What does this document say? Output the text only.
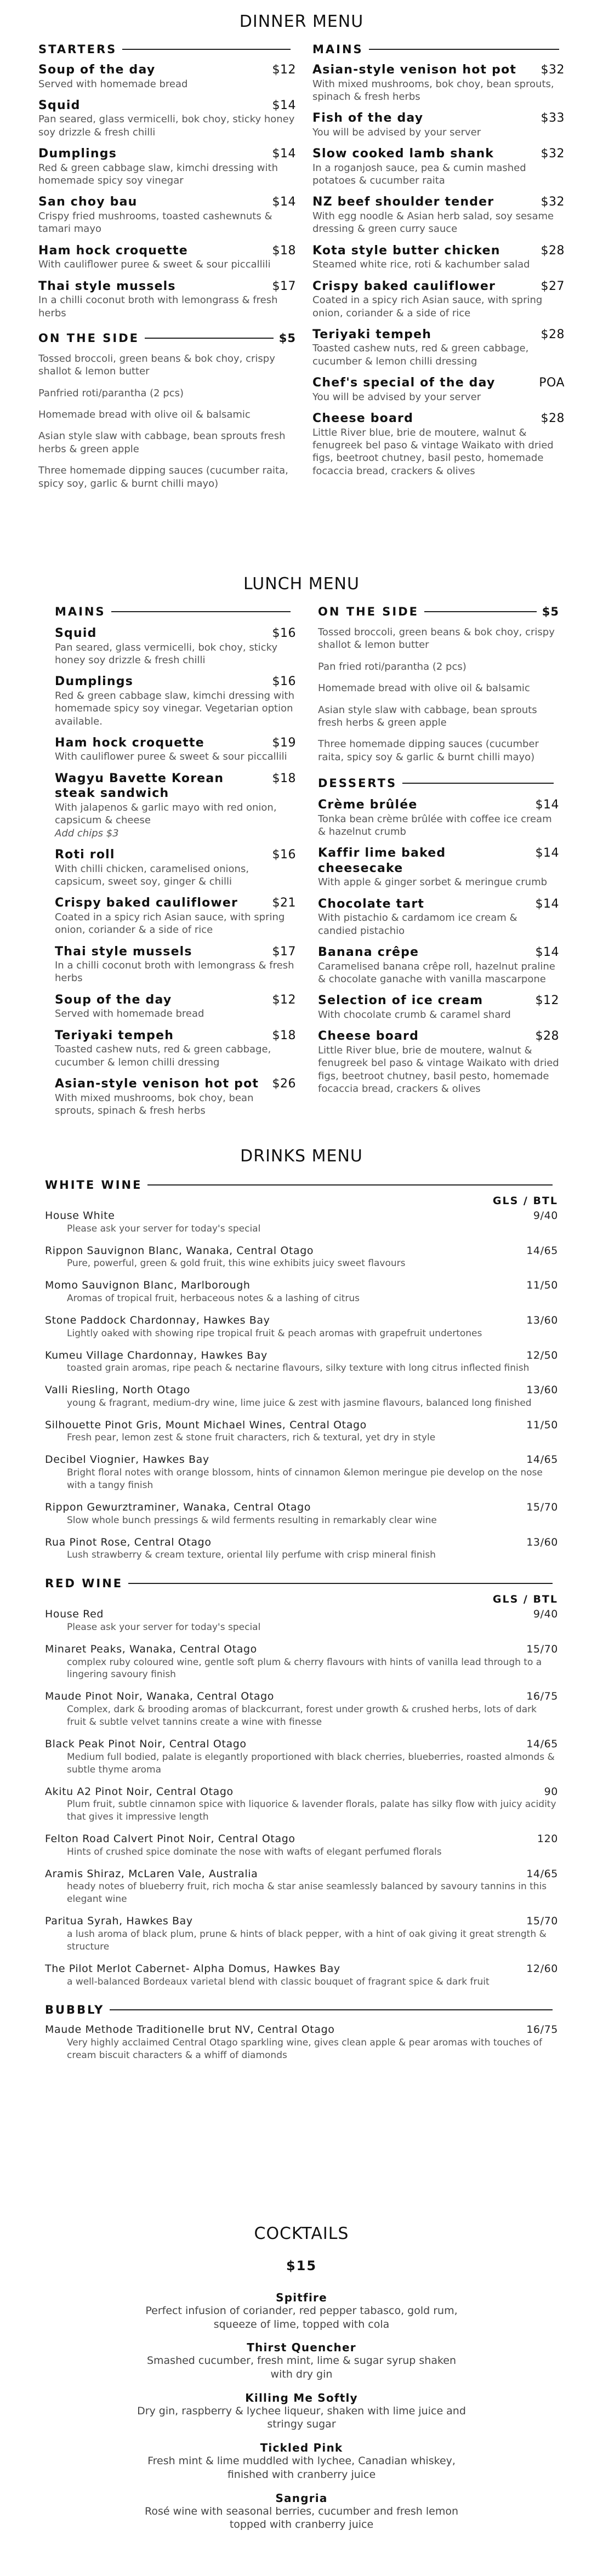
DINNER MENU
STARTERS
Soup of the day	$12
Served with homemade bread
Squid	$14
Pan seared, glass vermicelli, bok choy, sticky honey soy drizzle & fresh chilli
Dumplings	$14
Red & green cabbage slaw, kimchi dressing with homemade spicy soy vinegar
San choy bau	$14
Crispy fried mushrooms, toasted cashewnuts & tamari mayo
Ham hock croquette	$18
With cauliflower puree & sweet & sour piccallili
Thai style mussels	$17
In a chilli coconut broth with lemongrass & fresh herbs
ON THE SIDE	$5
Tossed broccoli, green beans & bok choy, crispy shallot & lemon butter
Panfried roti/parantha (2 pcs)
Homemade bread with olive oil & balsamic
Asian style slaw with cabbage, bean sprouts fresh herbs & green apple
Three homemade dipping sauces (cucumber raita, spicy soy, garlic & burnt chilli mayo)
MAINS
Asian-style venison hot pot	$32
With mixed mushrooms, bok choy, bean sprouts, spinach & fresh herbs
Fish of the day	$33
You will be advised by your server
Slow cooked lamb shank	$32
In a roganjosh sauce, pea & cumin mashed potatoes & cucumber raita
NZ beef shoulder tender	$32
With egg noodle & Asian herb salad, soy sesame dressing & green curry sauce
Kota style butter chicken	$28
Steamed white rice, roti & kachumber salad
Crispy baked cauliflower	$27
Coated in a spicy rich Asian sauce, with spring onion, coriander & a side of rice
Teriyaki tempeh	$28
Toasted cashew nuts, red & green cabbage, cucumber & lemon chilli dressing
Chef's special of the day	POA
You will be advised by your server
Cheese board	$28
Little River blue, brie de moutere, walnut & fenugreek bel paso & vintage Waikato with dried figs, beetroot chutney, basil pesto, homemade focaccia bread, crackers & olives
LUNCH MENU
MAINS
Squid	$16
Pan seared, glass vermicelli, bok choy, sticky honey soy drizzle & fresh chilli
Dumplings	$16
Red & green cabbage slaw, kimchi dressing with homemade spicy soy vinegar. Vegetarian option available.
Ham hock croquette	$19
With cauliflower puree & sweet & sour piccallili
Wagyu Bavette Korean steak sandwich
$18
With jalapenos & garlic mayo with red onion, capsicum & cheese
Add chips $3
Roti roll	$16
With chilli chicken, caramelised onions, capsicum, sweet soy, ginger & chilli
Crispy baked cauliflower	$21
Coated in a spicy rich Asian sauce, with spring onion, coriander & a side of rice
Thai style mussels	$17
In a chilli coconut broth with lemongrass & fresh herbs
Soup of the day	$12
Served with homemade bread
Teriyaki tempeh	$18
Toasted cashew nuts, red & green cabbage, cucumber & lemon chilli dressing
Asian-style venison hot pot	$26
With mixed mushrooms, bok choy, bean sprouts, spinach & fresh herbs
ON THE SIDE	$5
Tossed broccoli, green beans & bok choy, crispy shallot & lemon butter
Pan fried roti/parantha (2 pcs)
Homemade bread with olive oil & balsamic
Asian style slaw with cabbage, bean sprouts fresh herbs & green apple
Three homemade dipping sauces (cucumber raita, spicy soy & garlic & burnt chilli mayo)
DESSERTS
Crème brûlée	$14
Tonka bean crème brûlée with coffee ice cream & hazelnut crumb
Kaffir lime baked cheesecake
$14
With apple & ginger sorbet & meringue crumb
Chocolate tart	$14
With pistachio & cardamom ice cream & candied pistachio
Banana crêpe	$14
Caramelised banana crêpe roll, hazelnut praline & chocolate ganache with vanilla mascarpone
Selection of ice cream	$12
With chocolate crumb & caramel shard
Cheese board	$28
Little River blue, brie de moutere, walnut & fenugreek bel paso & vintage Waikato with dried figs, beetroot chutney, basil pesto, homemade focaccia bread, crackers & olives
DRINKS MENU
WHITE WINE
GLS / BTL
House White	9/40
Please ask your server for today's special
Rippon Sauvignon Blanc, Wanaka, Central Otago	14/65
Pure, powerful, green & gold fruit, this wine exhibits juicy sweet flavours
Momo Sauvignon Blanc, Marlborough	11/50
Aromas of tropical fruit, herbaceous notes & a lashing of citrus
Stone Paddock Chardonnay, Hawkes Bay	13/60
Lightly oaked with showing ripe tropical fruit & peach aromas with grapefruit undertones
Kumeu Village Chardonnay, Hawkes Bay	12/50
toasted grain aromas, ripe peach & nectarine flavours, silky texture with long citrus inflected finish
Valli Riesling, North Otago	13/60
young & fragrant, medium-dry wine, lime juice & zest with jasmine flavours, balanced long finished
Silhouette Pinot Gris, Mount Michael Wines, Central Otago	11/50
Fresh pear, lemon zest & stone fruit characters, rich & textural, yet dry in style
Decibel Viognier, Hawkes Bay	14/65
Bright floral notes with orange blossom, hints of cinnamon &lemon meringue pie develop on the nose with a tangy finish
Rippon Gewurztraminer, Wanaka, Central Otago	15/70
Slow whole bunch pressings & wild ferments resulting in remarkably clear wine
Rua Pinot Rose, Central Otago	13/60
Lush strawberry & cream texture, oriental lily perfume with crisp mineral finish
RED WINE
GLS / BTL
House Red	9/40
Please ask your server for today's special
Minaret Peaks, Wanaka, Central Otago	15/70
complex ruby coloured wine, gentle soft plum & cherry flavours with hints of vanilla lead through to a lingering savoury finish
Maude Pinot Noir, Wanaka, Central Otago	16/75
Complex, dark & brooding aromas of blackcurrant, forest under growth & crushed herbs, lots of dark fruit & subtle velvet tannins create a wine with finesse
Black Peak Pinot Noir, Central Otago	14/65
Medium full bodied, palate is elegantly proportioned with black cherries, blueberries, roasted almonds & subtle thyme aroma
Akitu A2 Pinot Noir, Central Otago	90
Plum fruit, subtle cinnamon spice with liquorice & lavender florals, palate has silky flow with juicy acidity that gives it impressive length
Felton Road Calvert Pinot Noir, Central Otago	120
Hints of crushed spice dominate the nose with wafts of elegant perfumed florals
Aramis Shiraz, McLaren Vale, Australia	14/65
heady notes of blueberry fruit, rich mocha & star anise seamlessly balanced by savoury tannins in this elegant wine
Paritua Syrah, Hawkes Bay	15/70
a lush aroma of black plum, prune & hints of black pepper, with a hint of oak giving it great strength & structure
The Pilot Merlot Cabernet- Alpha Domus, Hawkes Bay	12/60
a well-balanced Bordeaux varietal blend with classic bouquet of fragrant spice & dark fruit
BUBBLY
Maude Methode Traditionelle brut NV, Central Otago	16/75
Very highly acclaimed Central Otago sparkling wine, gives clean apple & pear aromas with touches of cream biscuit characters & a whiff of diamonds
COCKTAILS
$15
Spitfire
Perfect infusion of coriander, red pepper tabasco, gold rum, squeeze of lime, topped with cola
Thirst Quencher
Smashed cucumber, fresh mint, lime & sugar syrup shaken with dry gin
Killing Me Softly
Dry gin, raspberry & lychee liqueur, shaken with lime juice and stringy sugar
Tickled Pink
Fresh mint & lime muddled with lychee, Canadian whiskey, finished with cranberry juice
Sangria
Rosé wine with seasonal berries, cucumber and fresh lemon topped with cranberry juice
